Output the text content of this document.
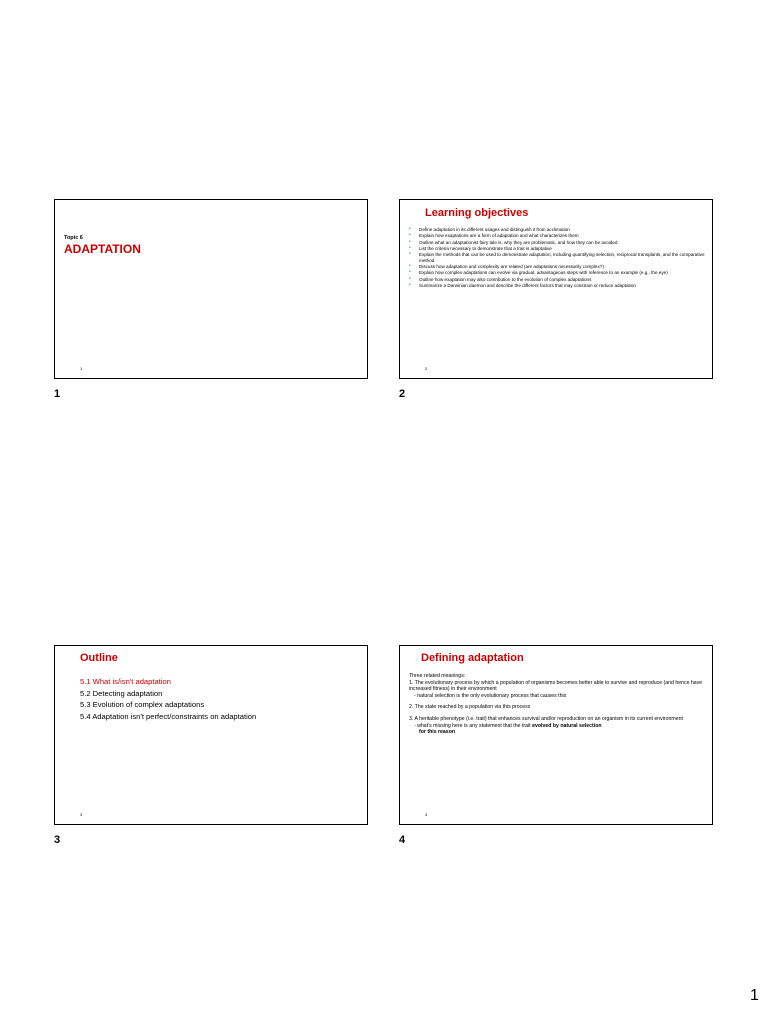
Topic 6
ADAPTATION
1
1
Learning objectives
• Define adaptation in its different usages and distinguish it from acclimation
• Explain how exaptations are a form of adaptation and what characterizes them
• Outline what an adaptationist fairy tale is, why they are problematic, and how they can be avoided
• List the criteria necessary to demonstrate that a trait is adaptative
• Explain the methods that can be used to demonstrate adaptation, including quantifying selection, reciprocal transplants, and the comparative method
• Discuss how adaptation and complexity are related (are adaptations necessarily complex?)
• Explain how complex adaptations can evolve via gradual, advantageous steps with reference to an example (e.g., the eye)
• Outline how exaptation may also contribution to the evolution of complex adaptations
• Summarize a Darwinian daemon and describe the different factors that may constrain or reduce adaptation
2
2
Outline
5.1 What is/isn't adaptation
5.2 Detecting adaptation
5.3 Evolution of complex adaptations
5.4 Adaptation isn't perfect/constraints on adaptation
3
3
Defining adaptation

Three related meanings:

1. The evolutionary process by which a population of organisms becomes better able to survive and reproduce (and hence have increased fitness) in their environment

- natural selection is the only evolutionary process that causes this

2. The state reached by a population via this process

3. A heritable phenotype (i.e. trait) that enhances survival and/or reproduction on an organism in its current environment

- what's missing here is any statement that the trait evolved by natural selection

for this reason

4
4
1
